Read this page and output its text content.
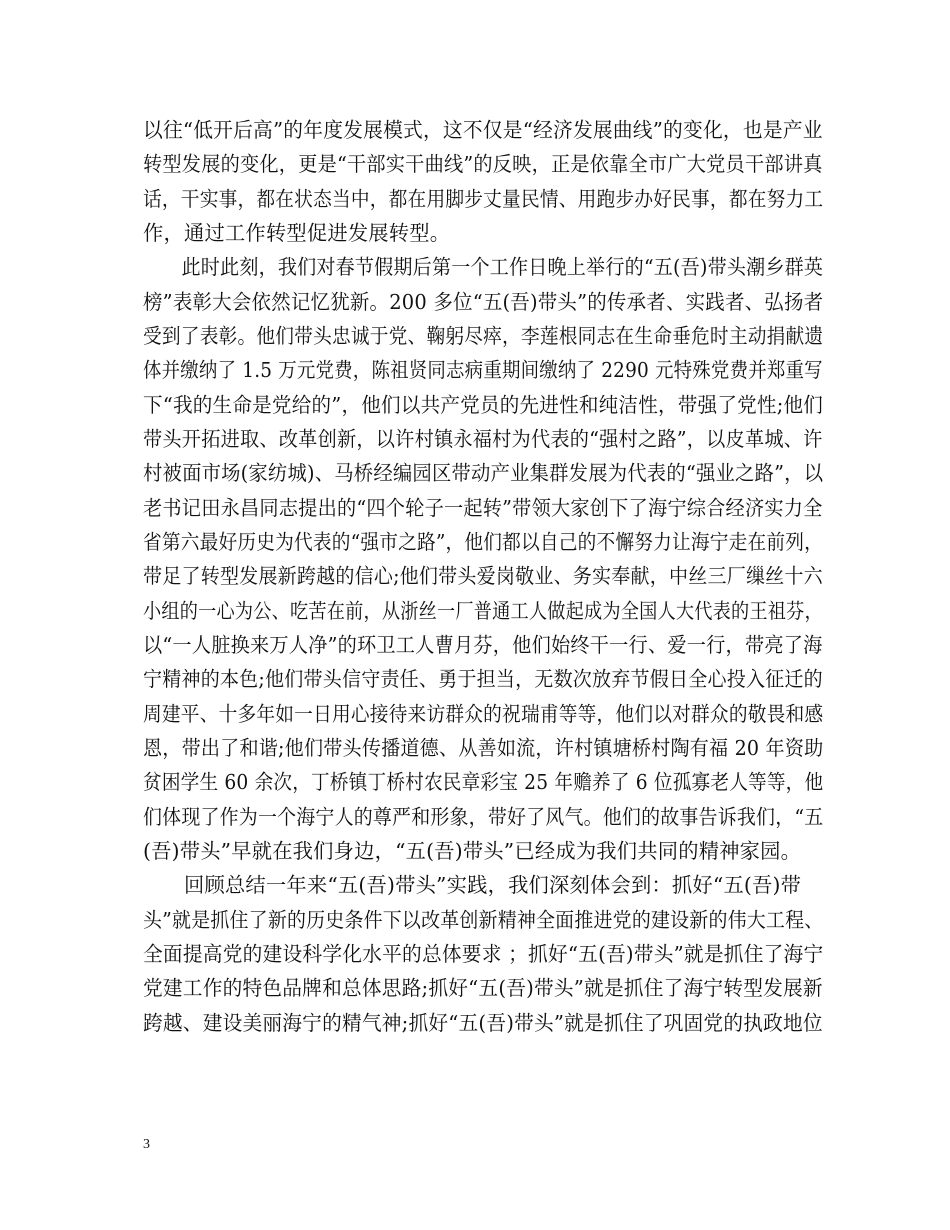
以往“低开后高”的年度发展模式，这不仅是“经济发展曲线”的变化，也是产业
转型发展的变化，更是“干部实干曲线”的反映，正是依靠全市广大党员干部讲真
话，干实事，都在状态当中，都在用脚步丈量民情、用跑步办好民事，都在努力工
作，通过工作转型促进发展转型。
　　此时此刻，我们对春节假期后第一个工作日晚上举行的“五(吾)带头潮乡群英
榜”表彰大会依然记忆犹新。200 多位“五(吾)带头”的传承者、实践者、弘扬者
受到了表彰。他们带头忠诚于党、鞠躬尽瘁，李莲根同志在生命垂危时主动捐献遗
体并缴纳了 1.5 万元党费，陈祖贤同志病重期间缴纳了 2290 元特殊党费并郑重写
下“我的生命是党给的”，他们以共产党员的先进性和纯洁性，带强了党性;他们
带头开拓进取、改革创新，以许村镇永福村为代表的“强村之路”，以皮革城、许
村被面市场(家纺城)、马桥经编园区带动产业集群发展为代表的“强业之路”，以
老书记田永昌同志提出的“四个轮子一起转”带领大家创下了海宁综合经济实力全
省第六最好历史为代表的“强市之路”，他们都以自己的不懈努力让海宁走在前列，
带足了转型发展新跨越的信心;他们带头爱岗敬业、务实奉献，中丝三厂缫丝十六
小组的一心为公、吃苦在前，从浙丝一厂普通工人做起成为全国人大代表的王祖芬，
以“一人脏换来万人净”的环卫工人曹月芬，他们始终干一行、爱一行，带亮了海
宁精神的本色;他们带头信守责任、勇于担当，无数次放弃节假日全心投入征迁的
周建平、十多年如一日用心接待来访群众的祝瑞甫等等，他们以对群众的敬畏和感
恩，带出了和谐;他们带头传播道德、从善如流，许村镇塘桥村陶有福 20 年资助
贫困学生 60 余次，丁桥镇丁桥村农民章彩宝 25 年赡养了 6 位孤寡老人等等，他
们体现了作为一个海宁人的尊严和形象，带好了风气。他们的故事告诉我们，“五
(吾)带头”早就在我们身边，“五(吾)带头”已经成为我们共同的精神家园。
　　回顾总结一年来“五(吾)带头”实践，我们深刻体会到：抓好“五(吾)带
头”就是抓住了新的历史条件下以改革创新精神全面推进党的建设新的伟大工程、
全面提高党的建设科学化水平的总体要求 ；抓好“五(吾)带头”就是抓住了海宁
党建工作的特色品牌和总体思路;抓好“五(吾)带头”就是抓住了海宁转型发展新
跨越、建设美丽海宁的精气神;抓好“五(吾)带头”就是抓住了巩固党的执政地位
3
